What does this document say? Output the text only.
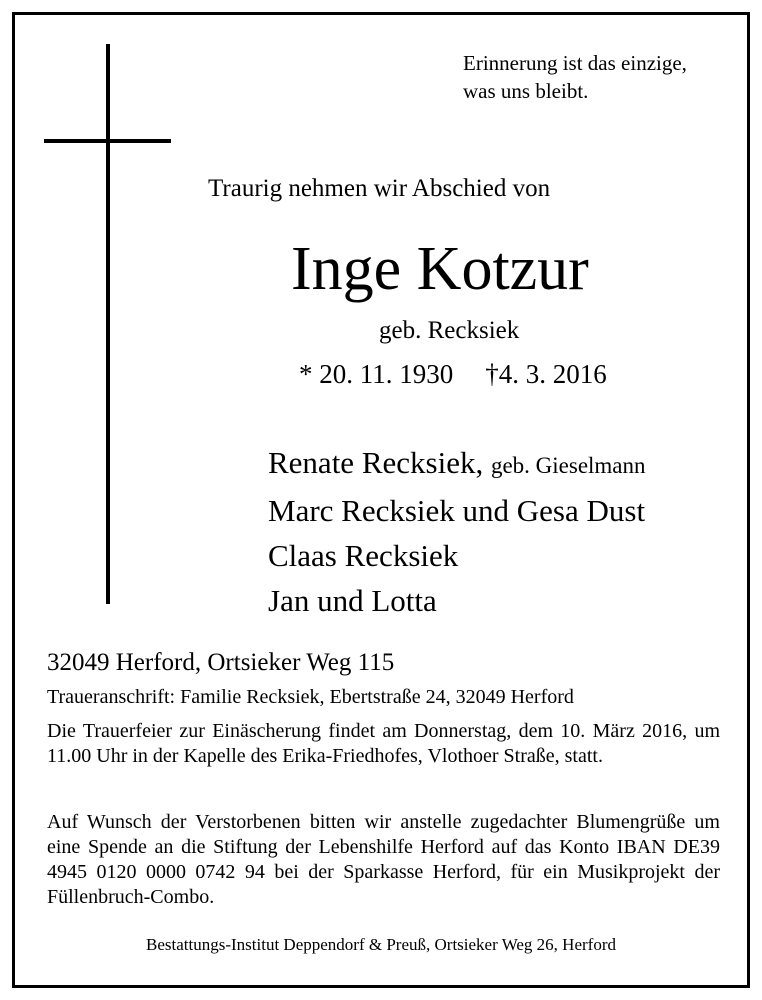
Erinnerung ist das einzige,
was uns bleibt.
Traurig nehmen wir Abschied von
Inge Kotzur
geb. Recksiek
* 20. 11. 1930 †4. 3. 2016
Renate Recksiek, geb. Gieselmann
Marc Recksiek und Gesa Dust
Claas Recksiek
Jan und Lotta
32049 Herford, Ortsieker Weg 115
Traueranschrift: Familie Recksiek, Ebertstraße 24, 32049 Herford
Die Trauerfeier zur Einäscherung findet am Donnerstag, dem 10. März 2016, um 11.00 Uhr in der Kapelle des Erika-Friedhofes, Vlothoer Straße, statt.
Auf Wunsch der Verstorbenen bitten wir anstelle zugedachter Blumengrüße um eine Spende an die Stiftung der Lebenshilfe Herford auf das Konto IBAN DE39 4945 0120 0000 0742 94 bei der Sparkasse Herford, für ein Musikprojekt der Füllenbruch-Combo.
Bestattungs-Institut Deppendorf & Preuß, Ortsieker Weg 26, Herford
